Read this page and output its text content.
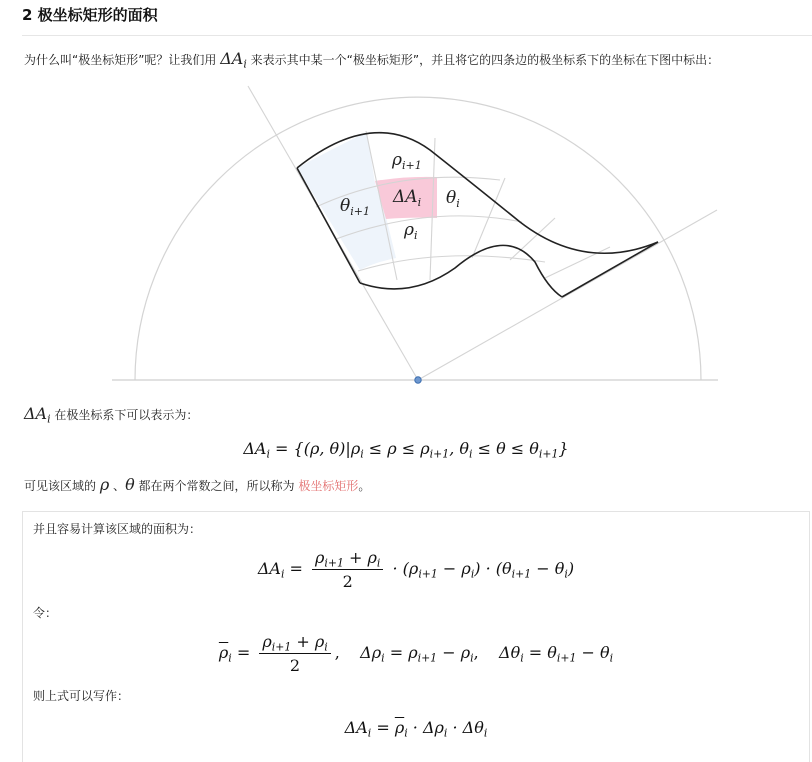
2 极坐标矩形的面积
为什么叫“极坐标矩形”呢？让我们用 $\Delta A_i$ 来表示其中某一个“极坐标矩形”，并且将它的四条边的极坐标系下的坐标在下图中标出：
$\rho_{i+1}$
$\theta_{i+1}$
$\Delta A_i$ $\theta_i$
$\rho_i$
$\Delta A_i$ 在极坐标系下可以表示为：
$\Delta A_i = \{(\rho$, $\theta)|\rho_i \le \rho \le \rho_{i+1}$, $\theta_i \le \theta \le \theta_{i+1}$}
可见该区域的 ρ 、θ 都在两个常数之间，所以称为 极坐标矩形。
并且容易计算该区域的面积为：
$\Delta A_i = \frac{\rho_{i+1} + \rho_i}{2} \cdot (\rho_{i+1} - \rho_i) \cdot (\theta_{i+1} - \theta_i)$
令：
$\overline{\rho}_i = \frac{\rho_{i+1} + \rho_i}{2}$ , $\Delta\rho_i = \rho_{i+1} - \rho_i$, $\Delta\theta_i = \theta_{i+1} - \theta_i$
则上式可以写作：
$\Delta A_i = \overline{\rho}_i \cdot \Delta\rho_i \cdot \Delta\theta_i$
